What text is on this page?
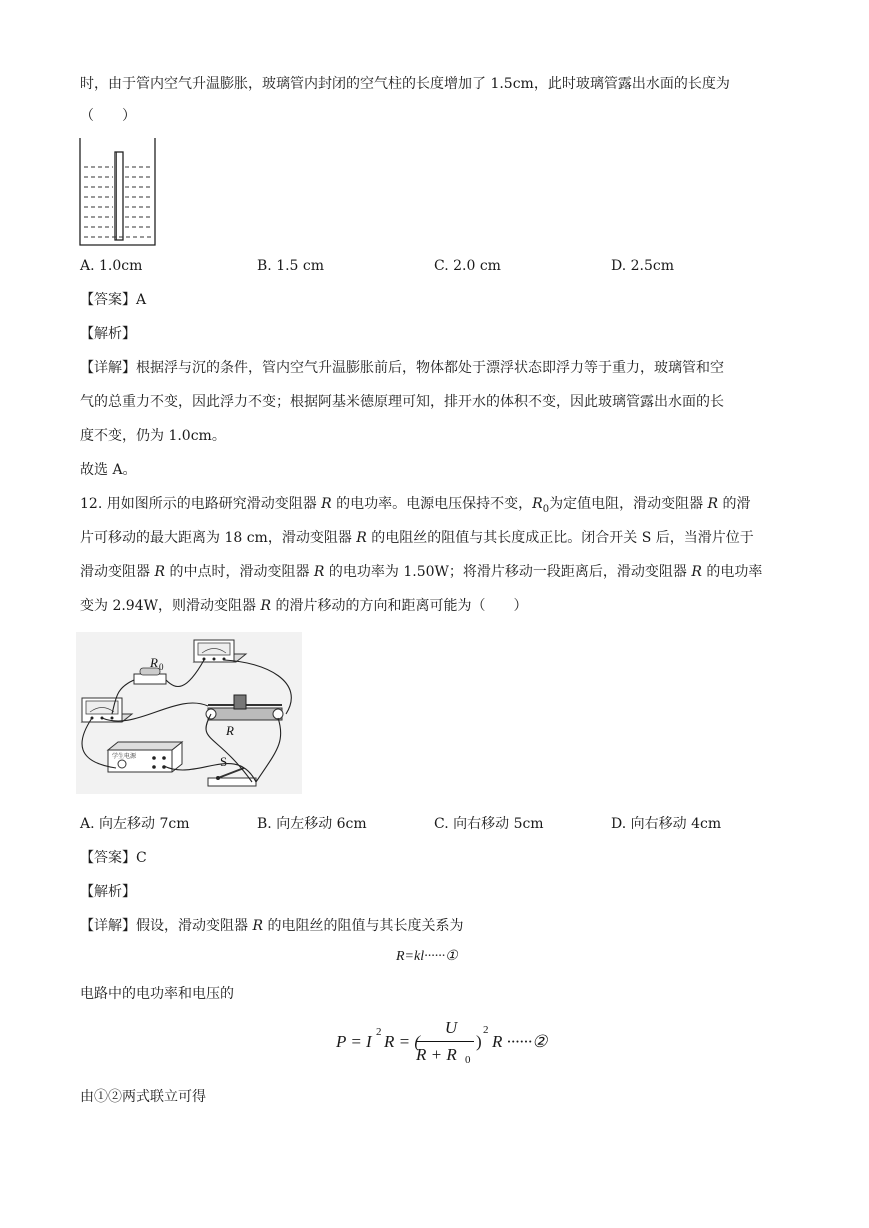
时，由于管内空气升温膨胀，玻璃管内封闭的空气柱的长度增加了 1.5cm，此时玻璃管露出水面的长度为
（　　）
A. 1.0cm	B. 1.5 cm	C. 2.0 cm	D. 2.5cm
【答案】A
【解析】
【详解】根据浮与沉的条件，管内空气升温膨胀前后，物体都处于漂浮状态即浮力等于重力，玻璃管和空
气的总重力不变，因此浮力不变；根据阿基米德原理可知，排开水的体积不变，因此玻璃管露出水面的长
度不变，仍为 1.0cm。
故选 A。
12. 用如图所示的电路研究滑动变阻器 R 的电功率。电源电压保持不变，$R_0$为定值电阻，滑动变阻器 R 的滑
片可移动的最大距离为 18 cm，滑动变阻器 R 的电阻丝的阻值与其长度成正比。闭合开关 S 后，当滑片位于
滑动变阻器 R 的中点时，滑动变阻器 R 的电功率为 1.50W；将滑片移动一段距离后，滑动变阻器 R 的电功率
变为 2.94W，则滑动变阻器 R 的滑片移动的方向和距离可能为（　　）
R 0
R
学生电源	S
A. 向左移动 7cm	B. 向左移动 6cm	C. 向右移动 5cm	D. 向右移动 4cm
【答案】C
【解析】
【详解】假设，滑动变阻器 R 的电阻丝的阻值与其长度关系为
R=kl······①
电路中的电功率和电压的
P = I 2 R = (
U
R + R 0
)
2
R ······②
由①②两式联立可得
